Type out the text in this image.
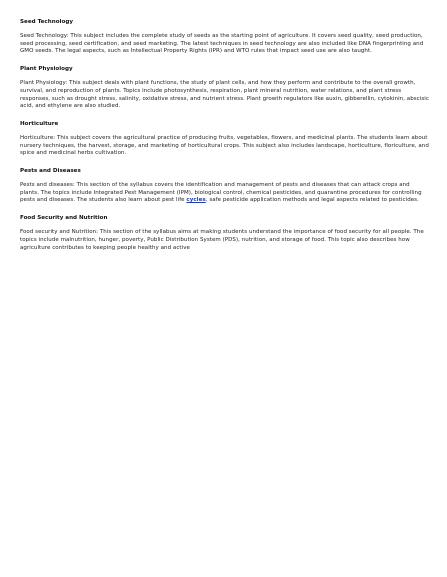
Seed Technology

Seed Technology: This subject includes the complete study of seeds as the starting point of agriculture. It covers seed quality, seed production, seed processing, seed certification, and seed marketing. The latest techniques in seed technology are also included like DNA fingerprinting and GMO seeds. The legal aspects, such as Intellectual Property Rights (IPR) and WTO rules that impact seed use are also taught.

Plant Physiology

Plant Physiology: This subject deals with plant functions, the study of plant cells, and how they perform and contribute to the overall growth, survival, and reproduction of plants. Topics include photosynthesis, respiration, plant mineral nutrition, water relations, and plant stress responses, such as drought stress, salinity, oxidative stress, and nutrient stress. Plant growth regulators like auxin, gibberellin, cytokinin, abscisic acid, and ethylene are also studied.

Horticulture

Horticulture: This subject covers the agricultural practice of producing fruits, vegetables, flowers, and medicinal plants. The students learn about nursery techniques, the harvest, storage, and marketing of horticultural crops. This subject also includes landscape, horticulture, floriculture, and spice and medicinal herbs cultivation.

Pests and Diseases

Pests and diseases: This section of the syllabus covers the identification and management of pests and diseases that can attack crops and plants. The topics include Integrated Pest Management (IPM), biological control, chemical pesticides, and quarantine procedures for controlling pests and diseases. The students also learn about pest life cycles, safe pesticide application methods and legal aspects related to pesticides.

Food Security and Nutrition

Food security and Nutrition: This section of the syllabus aims at making students understand the importance of food security for all people. The topics include malnutrition, hunger, poverty, Public Distribution System (PDS), nutrition, and storage of food. This topic also describes how agriculture contributes to keeping people healthy and active
